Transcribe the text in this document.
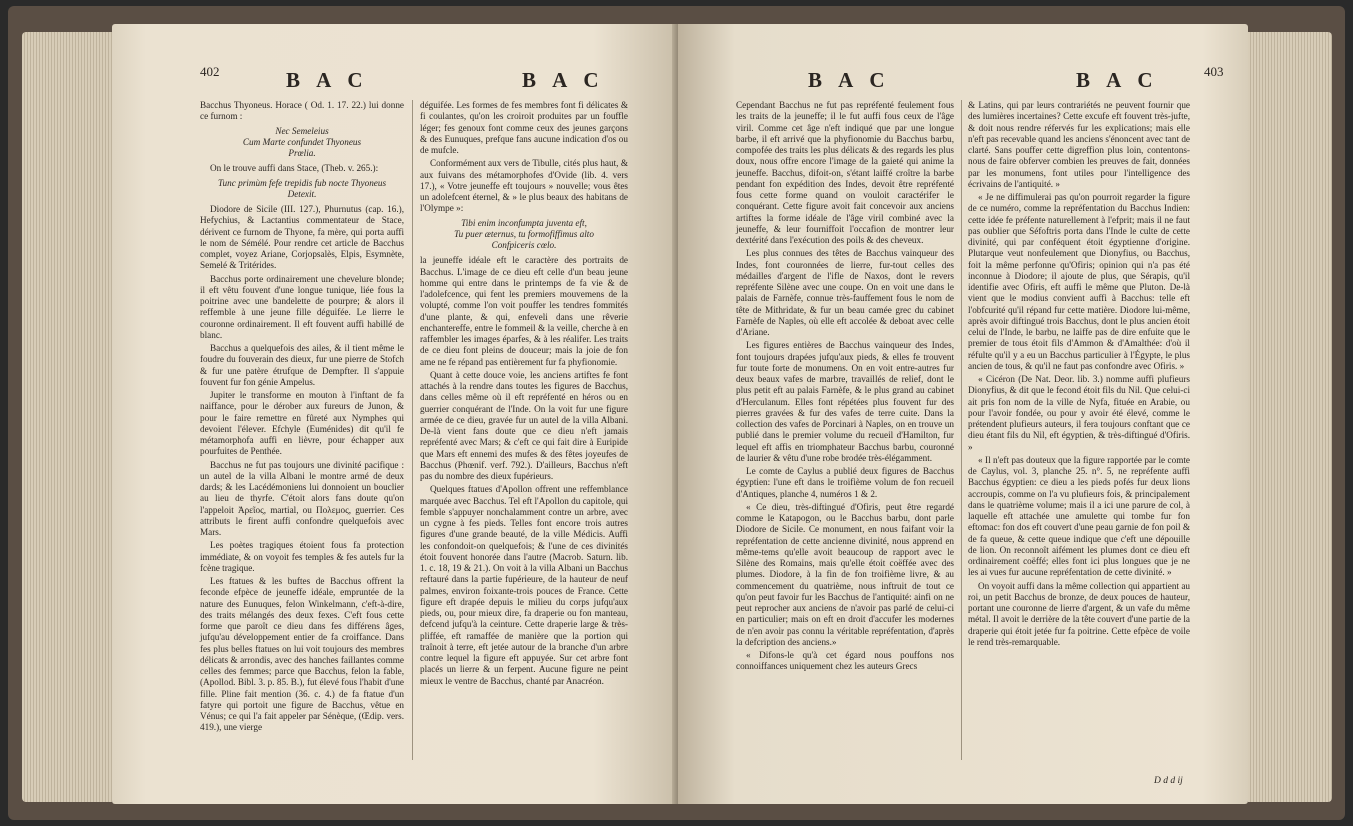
402	B A C	B A C

Bacchus Thyoneus. Horace ( Od. 1. 17. 22.) lui donne ce furnom :

Nec Semeleius
Cum Marte confundet Thyoneus
Prœlia.

On le trouve auffi dans Stace, (Theb. v. 265.):

Tunc primùm fefe trepidis fub nocte Thyoneus
Detexit.

Diodore de Sicile (III. 127.), Phurnutus (cap. 16.), Hefychius, & Lactantius commentateur de Stace, dérivent ce furnom de Thyone, fa mère, qui porta auffi le nom de Sémélé. Pour rendre cet article de Bacchus complet, voyez Ariane, Corjopsalès, Elpis, Esymnète, Semelé & Tritérides.

Bacchus porte ordinairement une chevelure blonde; il eft vêtu fouvent d'une longue tunique, liée fous la poitrine avec une bandelette de pourpre; & alors il reffemble à une jeune fille déguifée. Le lierre le couronne ordinairement. Il eft fouvent auffi habillé de blanc.

Bacchus a quelquefois des ailes, & il tient même le foudre du fouverain des dieux, fur une pierre de Stofch & fur une patère étrufque de Dempfter. Il s'appuie fouvent fur fon génie Ampelus.

Jupiter le transforme en mouton à l'inftant de fa naiffance, pour le dérober aux fureurs de Junon, & pour le faire remettre en fûreté aux Nymphes qui devoient l'élever. Efchyle (Euménides) dit qu'il fe métamorphofa auffi en lièvre, pour échapper aux pourfuites de Penthée.

Bacchus ne fut pas toujours une divinité pacifique : un autel de la villa Albani le montre armé de deux dards; & les Lacédémoniens lui donnoient un bouclier au lieu de thyrfe. C'étoit alors fans doute qu'on l'appeloit Ἀρεῖος, martial, ou Πολεμος, guerrier. Ces attributs le firent auffi confondre quelquefois avec Mars.

Les poètes tragiques étoient fous fa protection immédiate, & on voyoit fes temples & fes autels fur la fcène tragique.

Les ftatues & les buftes de Bacchus offrent la feconde efpèce de jeuneffe idéale, empruntée de la nature des Eunuques, felon Winkelmann, c'eft-à-dire, des traits mélangés des deux fexes. C'eft fous cette forme que paroît ce dieu dans fes différens âges, jufqu'au développement entier de fa croiffance. Dans fes plus belles ftatues on lui voit toujours des membres délicats & arrondis, avec des hanches faillantes comme celles des femmes; parce que Bacchus, felon la fable, (Apollod. Bibl. 3. p. 85. B.), fut élevé fous l'habit d'une fille. Pline fait mention (36. c. 4.) de fa ftatue d'un fatyre qui portoit une figure de Bacchus, vêtue en Vénus; ce qui l'a fait appeler par Sénèque, (Œdip. vers. 419.), une vierge

déguifée. Les formes de fes membres font fi délicates & fi coulantes, qu'on les croiroit produites par un fouffle léger; fes genoux font comme ceux des jeunes garçons & des Eunuques, prefque fans aucune indication d'os ou de mufcle.

Conformément aux vers de Tibulle, cités plus haut, & aux fuivans des métamorphofes d'Ovide (lib. 4. vers 17.), « Votre jeuneffe eft toujours » nouvelle; vous êtes un adolefcent éternel, & » le plus beaux des habitans de l'Olympe »:

Tibi enim inconfumpta juventa eft,
Tu puer æternus, tu formofiffimus alto
Confpiceris cœlo.

la jeuneffe idéale eft le caractère des portraits de Bacchus. L'image de ce dieu eft celle d'un beau jeune homme qui entre dans le printemps de fa vie & de l'adolefcence, qui fent les premiers mouvemens de la volupté, comme l'on voit pouffer les tendres fommités d'une plante, & qui, enfeveli dans une rêverie enchantereffe, entre le fommeil & la veille, cherche à en raffembler les images éparfes, & à les réalifer. Les traits de ce dieu font pleins de douceur; mais la joie de fon ame ne fe répand pas entièrement fur fa phyfionomie.

Quant à cette douce voie, les anciens artiftes fe font attachés à la rendre dans toutes les figures de Bacchus, dans celles même où il eft repréfenté en héros ou en guerrier conquérant de l'Inde. On la voit fur une figure armée de ce dieu, gravée fur un autel de la villa Albani. De-là vient fans doute que ce dieu n'eft jamais repréfenté avec Mars; & c'eft ce qui fait dire à Euripide que Mars eft ennemi des mufes & des fêtes joyeufes de Bacchus (Phœnif. verf. 792.). D'ailleurs, Bacchus n'eft pas du nombre des dieux fupérieurs.

Quelques ftatues d'Apollon offrent une reffemblance marquée avec Bacchus. Tel eft l'Apollon du capitole, qui femble s'appuyer nonchalamment contre un arbre, avec un cygne à fes pieds. Telles font encore trois autres figures d'une grande beauté, de la ville Médicis. Auffi les confondoit-on quelquefois; & l'une de ces divinités étoit fouvent honorée dans l'autre (Macrob. Saturn. lib. 1. c. 18, 19 & 21.). On voit à la villa Albani un Bacchus reftauré dans la partie fupérieure, de la hauteur de neuf palmes, environ foixante-trois pouces de France. Cette figure eft drapée depuis le milieu du corps jufqu'aux pieds, ou, pour mieux dire, fa draperie ou fon manteau, defcend jufqu'à la ceinture. Cette draperie large & très-pliffée, eft ramaffée de manière que la portion qui traînoit à terre, eft jetée autour de la branche d'un arbre contre lequel la figure eft appuyée. Sur cet arbre font placés un lierre & un ferpent. Aucune figure ne peint mieux le ventre de Bacchus, chanté par Anacréon.

B A C	B A C	403

Cependant Bacchus ne fut pas repréfenté feulement fous les traits de la jeuneffe; il le fut auffi fous ceux de l'âge viril. Comme cet âge n'eft indiqué que par une longue barbe, il eft arrivé que la phyfionomie du Bacchus barbu, compofée des traits les plus délicats & des regards les plus doux, nous offre encore l'image de la gaieté qui anime la jeuneffe. Bacchus, difoit-on, s'étant laiffé croître la barbe pendant fon expédition des Indes, devoit être repréfenté fous cette forme quand on vouloit caractérifer le conquérant. Cette figure avoit fait concevoir aux anciens artiftes la forme idéale de l'âge viril combiné avec la jeuneffe, & leur fourniffoit l'occafion de montrer leur dextérité dans l'exécution des poils & des cheveux.

Les plus connues des têtes de Bacchus vainqueur des Indes, font couronnées de lierre, fur-tout celles des médailles d'argent de l'ifle de Naxos, dont le revers repréfente Silène avec une coupe. On en voit une dans le palais de Farnèfe, connue très-fauffement fous le nom de tête de Mithridate, & fur un beau camée grec du cabinet Farnèfe de Naples, où elle eft accolée & deboat avec celle d'Ariane.

Les figures entières de Bacchus vainqueur des Indes, font toujours drapées jufqu'aux pieds, & elles fe trouvent fur toute forte de monumens. On en voit entre-autres fur deux beaux vafes de marbre, travaillés de relief, dont le plus petit eft au palais Farnèfe, & le plus grand au cabinet d'Herculanum. Elles font répétées plus fouvent fur des pierres gravées & fur des vafes de terre cuite. Dans la collection des vafes de Porcinari à Naples, on en trouve un publié dans le premier volume du recueil d'Hamilton, fur lequel eft affis en triomphateur Bacchus barbu, couronné de laurier & vêtu d'une robe brodée très-élégamment.

Le comte de Caylus a publié deux figures de Bacchus égyptien: l'une eft dans le troifième volum de fon recueil d'Antiques, planche 4, numéros 1 & 2.

« Ce dieu, très-diftingué d'Ofiris, peut être regardé comme le Katapogon, ou le Bacchus barbu, dont parle Diodore de Sicile. Ce monument, en nous faifant voir la repréfentation de cette ancienne divinité, nous apprend en même-tems qu'elle avoit beaucoup de rapport avec le Silène des Romains, mais qu'elle étoit coëffée avec des plumes. Diodore, à la fin de fon troifième livre, & au commencement du quatrième, nous inftruit de tout ce qu'on peut favoir fur les Bacchus de l'antiquité: ainfi on ne peut reprocher aux anciens de n'avoir pas parlé de celui-ci en particulier; mais on eft en droit d'accufer les modernes de n'en avoir pas connu la véritable repréfentation, d'après la defcription des anciens.»

« Difons-le qu'à cet égard nous pouffons nos connoiffances uniquement chez les auteurs Grecs

& Latins, qui par leurs contrariétés ne peuvent fournir que des lumières incertaines? Cette excufe eft fouvent très-jufte, & doit nous rendre réfervés fur les explications; mais elle n'eft pas recevable quand les anciens s'énoncent avec tant de clarté. Sans pouffer cette digreffion plus loin, contentons-nous de faire obferver combien les preuves de fait, données par les monumens, font utiles pour l'intelligence des écrivains de l'antiquité. »

« Je ne diffimulerai pas qu'on pourroit regarder la figure de ce numéro, comme la repréfentation du Bacchus Indien: cette idée fe préfente naturellement à l'efprit; mais il ne faut pas oublier que Séfoftris porta dans l'Inde le culte de cette divinité, qui par conféquent étoit égyptienne d'origine. Plutarque veut nonfeulement que Dionyfius, ou Bacchus, foit la même perfonne qu'Ofiris; opinion qui n'a pas été inconnue à Diodore; il ajoute de plus, que Sérapis, qu'il identifie avec Ofiris, eft auffi le même que Pluton. De-là vient que le modius convient auffi à Bacchus: telle eft l'obfcurité qu'il répand fur cette matière. Diodore lui-même, après avoir diftingué trois Bacchus, dont le plus ancien étoit celui de l'Inde, le barbu, ne laiffe pas de dire enfuite que le premier de tous étoit fils d'Ammon & d'Amalthée: d'où il réfulte qu'il y a eu un Bacchus particulier à l'Égypte, le plus ancien de tous, & qu'il ne faut pas confondre avec Ofiris. »

« Cicéron (De Nat. Deor. lib. 3.) nomme auffi plufieurs Dionyfius, & dit que le fecond étoit fils du Nil. Que celui-ci ait pris fon nom de la ville de Nyfa, fituée en Arabie, ou pour l'avoir fondée, ou pour y avoir été élevé, comme le prétendent plufieurs auteurs, il fera toujours conftant que ce dieu étant fils du Nil, eft égyptien, & très-diftingué d'Ofiris. »

« Il n'eft pas douteux que la figure rapportée par le comte de Caylus, vol. 3, planche 25. n°. 5, ne repréfente auffi Bacchus égyptien: ce dieu a les pieds pofés fur deux lions accroupis, comme on l'a vu plufieurs fois, & principalement dans le quatrième volume; mais il a ici une parure de col, à laquelle eft attachée une amulette qui tombe fur fon eftomac: fon dos eft couvert d'une peau garnie de fon poil & de fa queue, & cette queue indique que c'eft une dépouille de lion. On reconnoît aifément les plumes dont ce dieu eft ordinairement coëffé; elles font ici plus longues que je ne les ai vues fur aucune repréfentation de cette divinité. »

On voyoit auffi dans la même collection qui appartient au roi, un petit Bacchus de bronze, de deux pouces de hauteur, portant une couronne de lierre d'argent, & un vafe du même métal. Il avoit le derrière de la tête couvert d'une partie de la draperie qui étoit jetée fur fa poitrine. Cette efpèce de voile le rend très-remarquable.

D d d ij
